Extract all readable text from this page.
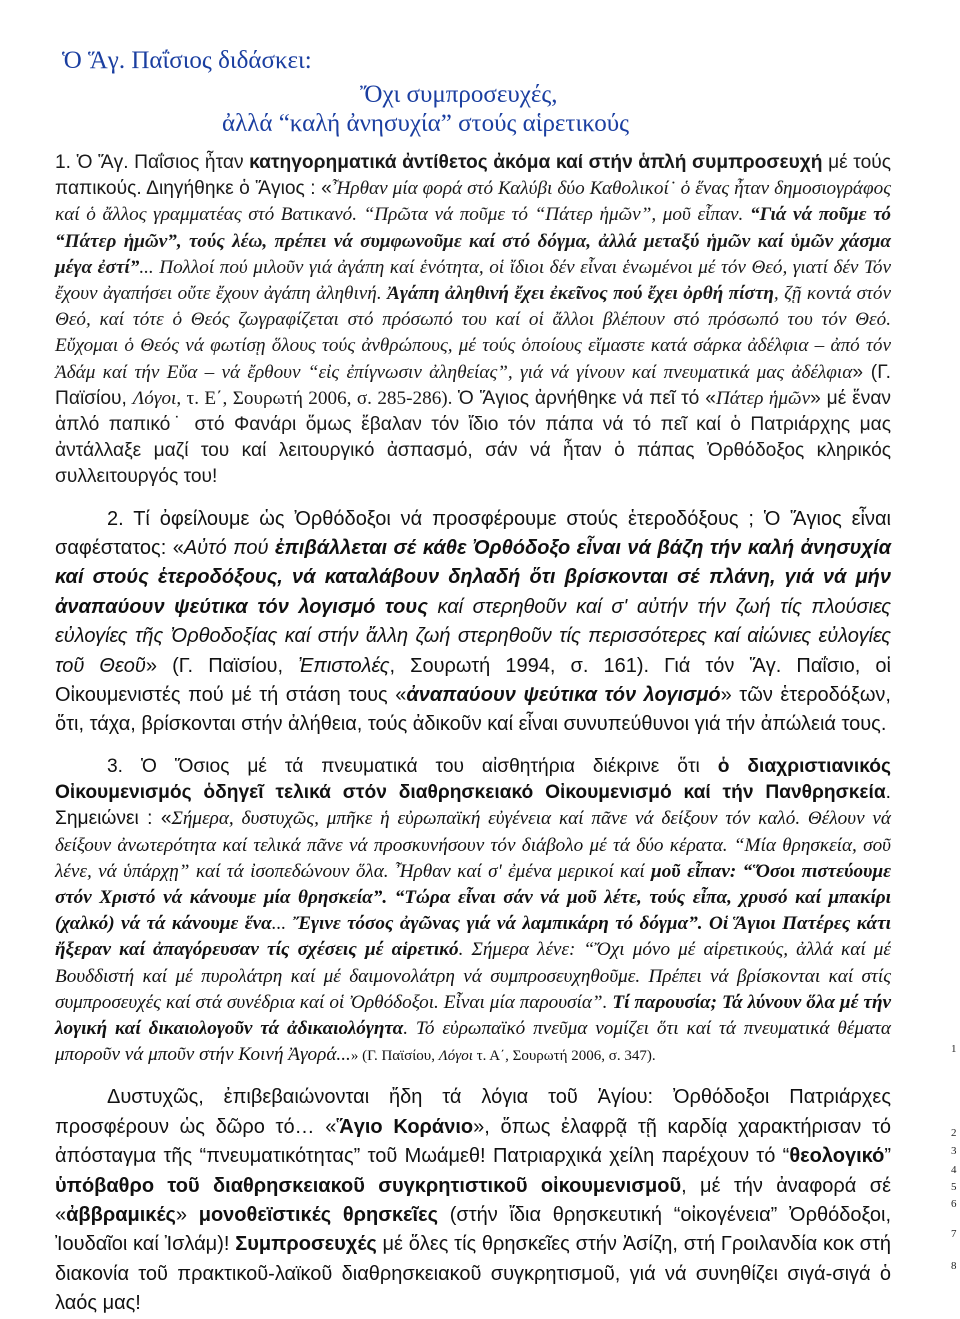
Ὁ Ἅγ. Παΐσιος διδάσκει:
Ὄχι συμπροσευχές,
ἀλλά “καλή ἀνησυχία” στούς αἱρετικούς

1. Ὁ Ἅγ. Παΐσιος ἦταν κατηγορηματικά ἀντίθετος ἀκόμα καί στήν ἁπλή συμπροσευχή μέ τούς παπικούς. Διηγήθηκε ὁ Ἅγιος : «Ἦρθαν μία φορά στό Καλύβι δύο Καθολικοί˙ ὁ ἕνας ἦταν δημοσιογράφος καί ὁ ἄλλος γραμματέας στό Βατικανό. “Πρῶτα νά ποῦμε τό “Πάτερ ἡμῶν”, μοῦ εἶπαν. “Γιά νά ποῦμε τό “Πάτερ ἡμῶν”, τούς λέω, πρέπει νά συμφωνοῦμε καί στό δόγμα, ἀλλά μεταξύ ἡμῶν καί ὑμῶν χάσμα μέγα ἐστί”... Πολλοί πού μιλοῦν γιά ἀγάπη καί ἑνότητα, οἱ ἴδιοι δέν εἶναι ἑνωμένοι μέ τόν Θεό, γιατί δέν Τόν ἔχουν ἀγαπήσει οὔτε ἔχουν ἀγάπη ἀληθινή. Ἀγάπη ἀληθινή ἔχει ἐκεῖνος πού ἔχει ὀρθή πίστη, ζῇ κοντά στόν Θεό, καί τότε ὁ Θεός ζωγραφίζεται στό πρόσωπό του καί οἱ ἄλλοι βλέπουν στό πρόσωπό του τόν Θεό. Εὔχομαι ὁ Θεός νά φωτίσῃ ὅλους τούς ἀνθρώπους, μέ τούς ὁποίους εἴμαστε κατά σάρκα ἀδέλφια – ἀπό τόν Ἀδάμ καί τήν Εὔα – νά ἔρθουν “εἰς ἐπίγνωσιν ἀληθείας”, γιά νά γίνουν καί πνευματικά μας ἀδέλφια» (Γ. Παϊσίου, Λόγοι, τ. Ε΄, Σουρωτή 2006, σ. 285-286). Ὁ Ἅγιος ἀρνήθηκε νά πεῖ τό «Πάτερ ἡμῶν» μέ ἕναν ἁπλό παπικό˙ στό Φανάρι ὅμως ἔβαλαν τόν ἴδιο τόν πάπα νά τό πεῖ καί ὁ Πατριάρχης μας ἀντάλλαξε μαζί του καί λειτουργικό ἀσπασμό, σάν νά ἦταν ὁ πάπας Ὀρθόδοξος κληρικός συλλειτουργός του!

2. Τί ὀφείλουμε ὡς Ὀρθόδοξοι νά προσφέρουμε στούς ἑτεροδόξους ; Ὁ Ἅγιος εἶναι σαφέστατος: «Αὐτό πού ἐπιβάλλεται σέ κάθε Ὀρθόδοξο εἶναι νά βάζη τήν καλή ἀνησυχία καί στούς ἑτεροδόξους, νά καταλάβουν δηλαδή ὅτι βρίσκονται σέ πλάνη, γιά νά μήν ἀναπαύουν ψεύτικα τόν λογισμό τους καί στερηθοῦν καί σ' αὐτήν τήν ζωή τίς πλούσιες εὐλογίες τῆς Ὀρθοδοξίας καί στήν ἄλλη ζωή στερηθοῦν τίς περισσότερες καί αἰώνιες εὐλογίες τοῦ Θεοῦ» (Γ. Παϊσίου, Ἐπιστολές, Σουρωτή 1994, σ. 161). Γιά τόν Ἅγ. Παΐσιο, οἱ Οἰκουμενιστές πού μέ τή στάση τους «ἀναπαύουν ψεύτικα τόν λογισμό» τῶν ἑτεροδόξων, ὅτι, τάχα, βρίσκονται στήν ἀλήθεια, τούς ἀδικοῦν καί εἶναι συνυπεύθυνοι γιά τήν ἀπώλειά τους.

3. Ὁ Ὅσιος μέ τά πνευματικά του αἰσθητήρια διέκρινε ὅτι ὁ διαχριστιανικός Οἰκουμενισμός ὁδηγεῖ τελικά στόν διαθρησκειακό Οἰκουμενισμό καί τήν Πανθρησκεία. Σημειώνει : «Σήμερα, δυστυχῶς, μπῆκε ἡ εὐρωπαϊκή εὐγένεια καί πᾶνε νά δείξουν τόν καλό. Θέλουν νά δείξουν ἀνωτερότητα καί τελικά πᾶνε νά προσκυνήσουν τόν διάβολο μέ τά δύο κέρατα. “Μία θρησκεία, σοῦ λένε, νά ὑπάρχῃ” καί τά ἰσοπεδώνουν ὅλα. Ἦρθαν καί σ' ἐμένα μερικοί καί μοῦ εἶπαν: “Ὅσοι πιστεύουμε στόν Χριστό νά κάνουμε μία θρησκεία”. “Τώρα εἶναι σάν νά μοῦ λέτε, τούς εἶπα, χρυσό καί μπακίρι (χαλκό) νά τά κάνουμε ἕνα... Ἔγινε τόσος ἀγῶνας γιά νά λαμπικάρη τό δόγμα”. Οἱ Ἅγιοι Πατέρες κάτι ἤξεραν καί ἀπαγόρευσαν τίς σχέσεις μέ αἱρετικό. Σήμερα λένε: “Ὄχι μόνο μέ αἱρετικούς, ἀλλά καί μέ Βουδδιστή καί μέ πυρολάτρη καί μέ δαιμονολάτρη νά συμπροσευχηθοῦμε. Πρέπει νά βρίσκονται καί στίς συμπροσευχές καί στά συνέδρια καί οἱ Ὀρθόδοξοι. Εἶναι μία παρουσία”. Τί παρουσία; Τά λύνουν ὅλα μέ τήν λογική καί δικαιολογοῦν τά ἀδικαιολόγητα. Τό εὐρωπαϊκό πνεῦμα νομίζει ὅτι καί τά πνευματικά θέματα μποροῦν νά μποῦν στήν Κοινή Ἀγορά...» (Γ. Παϊσίου, Λόγοι τ. Α΄, Σουρωτή 2006, σ. 347).

Δυστυχῶς, ἐπιβεβαιώνονται ἤδη τά λόγια τοῦ Ἁγίου: Ὀρθόδοξοι Πατριάρχες προσφέρουν ὡς δῶρο τό… «Ἅγιο Κοράνιο», ὅπως ἐλαφρᾷ τῇ καρδίᾳ χαρακτήρισαν τό ἀπόσταγμα τῆς “πνευματικότητας” τοῦ Μωάμεθ! Πατριαρχικά χείλη παρέχουν τό “θεολογικό” ὑπόβαθρο τοῦ διαθρησκειακοῦ συγκρητιστικοῦ οἰκουμενισμοῦ, μέ τήν ἀναφορά σέ «ἀββραμικές» μονοθεϊστικές θρησκεῖες (στήν ἴδια θρησκευτική “οἰκογένεια” Ὀρθόδοξοι, Ἰουδαῖοι καί Ἰσλάμ)! Συμπροσευχές μέ ὅλες τίς θρησκεῖες στήν Ἀσίζη, στή Γροιλανδία κοκ στή διακονία τοῦ πρακτικοῦ-λαϊκοῦ διαθρησκειακοῦ συγκρητισμοῦ, γιά νά συνηθίζει σιγά-σιγά ὁ λαός μας!

1
2
3
4
5
6
7
8
